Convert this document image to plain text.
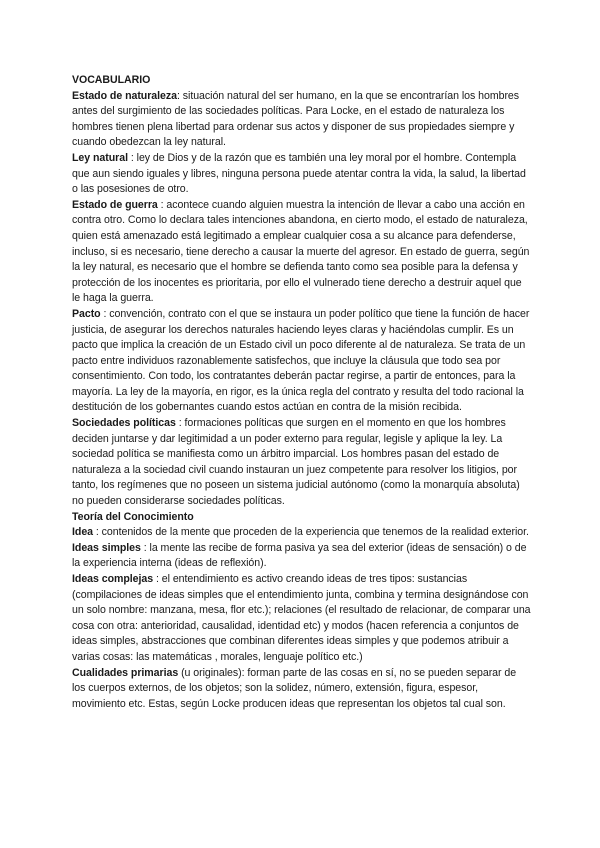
VOCABULARIO

Estado de naturaleza: situación natural del ser humano, en la que se encontrarían los hombres antes del surgimiento de las sociedades políticas. Para Locke, en el estado de naturaleza los hombres tienen plena libertad para ordenar sus actos y disponer de sus propiedades siempre y cuando obedezcan la ley natural.

Ley natural : ley de Dios y de la razón que es también una ley moral por el hombre. Contempla que aun siendo iguales y libres, ninguna persona puede atentar contra la vida, la salud, la libertad o las posesiones de otro.

Estado de guerra : acontece cuando alguien muestra la intención de llevar a cabo una acción en contra otro. Como lo declara tales intenciones abandona, en cierto modo, el estado de naturaleza, quien está amenazado está legitimado a emplear cualquier cosa a su alcance para defenderse, incluso, si es necesario, tiene derecho a causar la muerte del agresor. En estado de guerra, según la ley natural, es necesario que el hombre se defienda tanto como sea posible para la defensa y protección de los inocentes es prioritaria, por ello el vulnerado tiene derecho a destruir aquel que le haga la guerra.

Pacto : convención, contrato con el que se instaura un poder político que tiene la función de hacer justicia, de asegurar los derechos naturales haciendo leyes claras y haciéndolas cumplir. Es un pacto que implica la creación de un Estado civil un poco diferente al de naturaleza. Se trata de un pacto entre individuos razonablemente satisfechos, que incluye la cláusula que todo sea por consentimiento. Con todo, los contratantes deberán pactar regirse, a partir de entonces, para la mayoría. La ley de la mayoría, en rigor, es la única regla del contrato y resulta del todo racional la destitución de los gobernantes cuando estos actúan en contra de la misión recibida.

Sociedades políticas : formaciones políticas que surgen en el momento en que los hombres deciden juntarse y dar legitimidad a un poder externo para regular, legisle y aplique la ley. La sociedad política se manifiesta como un árbitro imparcial. Los hombres pasan del estado de naturaleza a la sociedad civil cuando instauran un juez competente para resolver los litigios, por tanto, los regímenes que no poseen un sistema judicial autónomo (como la monarquía absoluta) no pueden considerarse sociedades políticas.

Teoría del Conocimiento

Idea : contenidos de la mente que proceden de la experiencia que tenemos de la realidad exterior.

Ideas simples : la mente las recibe de forma pasiva ya sea del exterior (ideas de sensación) o de la experiencia interna (ideas de reflexión).

Ideas complejas : el entendimiento es activo creando ideas de tres tipos: sustancias (compilaciones de ideas simples que el entendimiento junta, combina y termina designándose con un solo nombre: manzana, mesa, flor etc.); relaciones (el resultado de relacionar, de comparar una cosa con otra: anterioridad, causalidad, identidad etc) y modos (hacen referencia a conjuntos de ideas simples, abstracciones que combinan diferentes ideas simples y que podemos atribuir a varias cosas: las matemáticas , morales, lenguaje político etc.)

Cualidades primarias (u originales): forman parte de las cosas en sí, no se pueden separar de los cuerpos externos, de los objetos; son la solidez, número, extensión, figura, espesor, movimiento etc. Estas, según Locke producen ideas que representan los objetos tal cual son.
